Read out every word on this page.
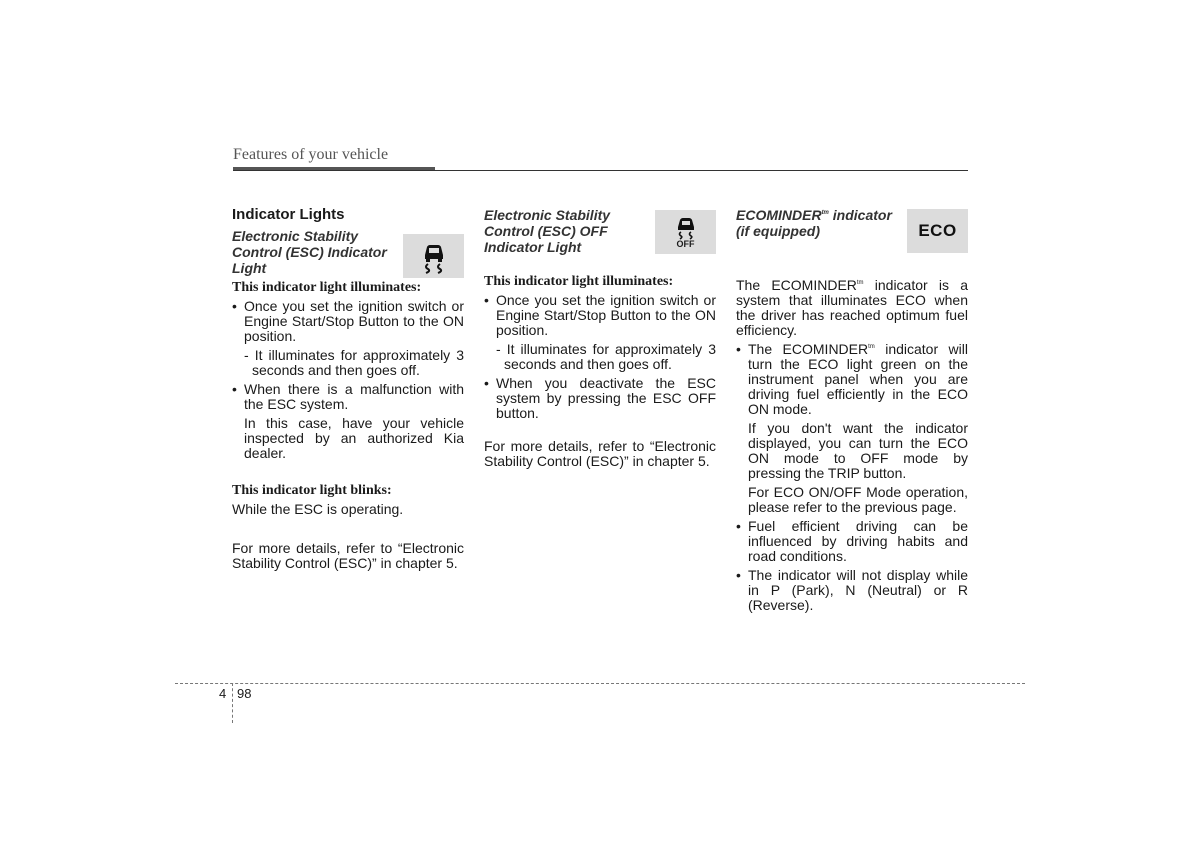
Features of your vehicle
Indicator Lights
Electronic Stability Control (ESC) Indicator Light
This indicator light illuminates:
• Once you set the ignition switch or Engine Start/Stop Button to the ON position.

- It illuminates for approximately 3 seconds and then goes off.

• When there is a malfunction with the ESC system.

In this case, have your vehicle inspected by an authorized Kia dealer.

This indicator light blinks:

While the ESC is operating.

For more details, refer to “Electronic Stability Control (ESC)” in chapter 5.

Electronic Stability Control (ESC) OFF Indicator Light
This indicator light illuminates:
• Once you set the ignition switch or Engine Start/Stop Button to the ON position.

- It illuminates for approximately 3 seconds and then goes off.

• When you deactivate the ESC system by pressing the ESC OFF button.

For more details, refer to “Electronic Stability Control (ESC)” in chapter 5.

OFF
$ECOMINDER^{tm}$ indicator
(if equipped)

The $ECOMINDER^{tm}$ indicator is a system that illuminates ECO when the driver has reached optimum fuel efficiency.

• The $ECOMINDER^{tm}$ indicator will turn the ECO light green on the instrument panel when you are driving fuel efficiently in the ECO ON mode.

If you don't want the indicator displayed, you can turn the ECO ON mode to OFF mode by pressing the TRIP button.

For ECO ON/OFF Mode operation, please refer to the previous page.

• Fuel efficient driving can be influenced by driving habits and road conditions.
• The indicator will not display while in P (Park), N (Neutral) or R (Reverse).
ECO
4 98
